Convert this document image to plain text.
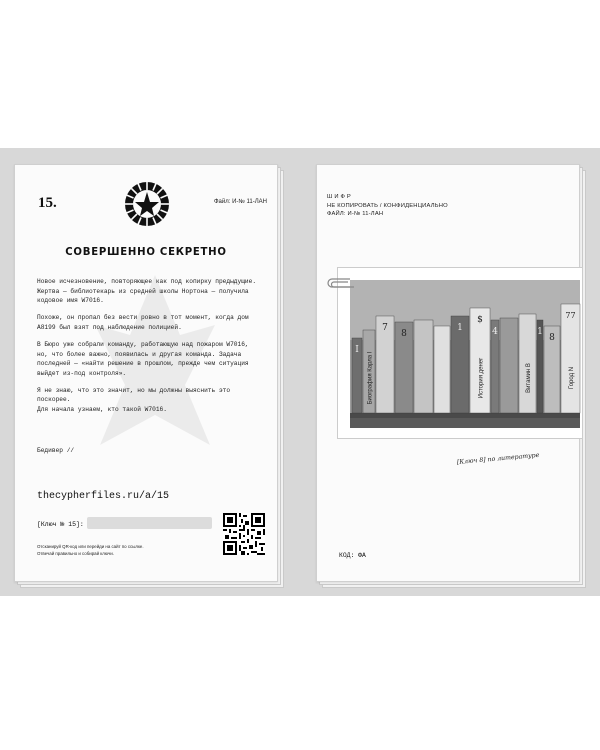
15.	Файл: И-№ 11-ЛАН
СОВЕРШЕННО СЕКРЕТНО

Новое исчезновение, повторяющее как под копирку предыдущие. Жертва — библиотекарь из средней школы Нортона — получила кодовое имя W7016.

Похоже, он пропал без вести ровно в тот момент, когда дом А8199 был взят под наблюдение полицией.

В Бюро уже собрали команду, работающую над пожаром W7016, но, что более важно, появилась и другая команда. Задача последней — «найти решение в прошлом, прежде чем ситуация выйдет из-под контроля».

Я не знаю, что это значит, но мы должны выяснить это поскорее.
Для начала узнаем, кто такой W7016.

Бедивер //
thecypherfiles.ru/a/15
[Ключ № 15]:
Отсканируй QR-код или перейди на сайт по ссылке.
Отвечай правильно и собирай ключи.
Ш И Ф Р
НЕ КОПИРОВАТЬ / КОНФИДЕНЦИАЛЬНО
ФАЙЛ: И-№ 11-ЛАН
I
Биография Карла I
7
8
1
$
История денег
4
Витамин В
1
8
77
Город N
[Ключ 8] по литературе
КОД: ФА
